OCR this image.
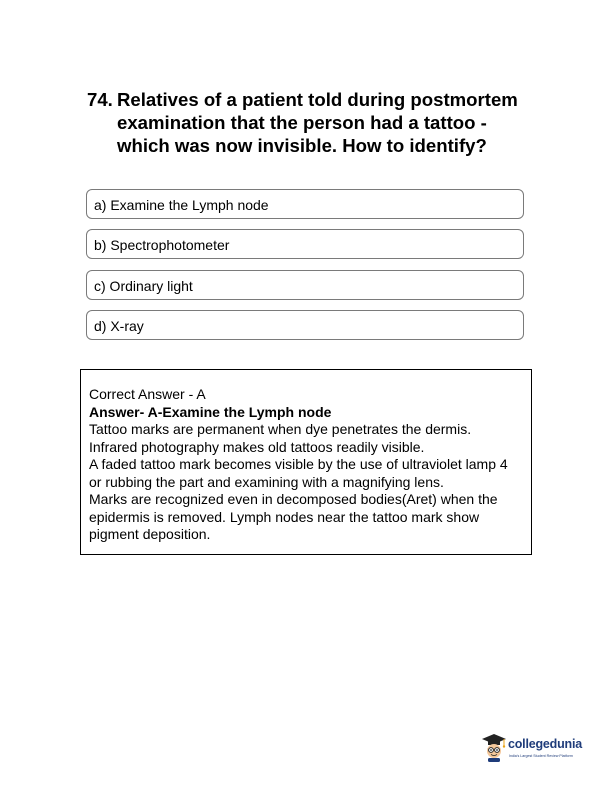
74. Relatives of a patient told during postmortem examination that the person had a tattoo - which was now invisible. How to identify?
a) Examine the Lymph node
b) Spectrophotometer
c) Ordinary light
d) X-ray
Correct Answer - A
Answer- A-Examine the Lymph node
Tattoo marks are permanent when dye penetrates the dermis.
Infrared photography makes old tattoos readily visible.
A faded tattoo mark becomes visible by the use of ultraviolet lamp 4
or rubbing the part and examining with a magnifying lens.
Marks are recognized even in decomposed bodies(Aret) when the
epidermis is removed. Lymph nodes near the tattoo mark show
pigment deposition.
collegedunia
India's Largest Student Review Platform
